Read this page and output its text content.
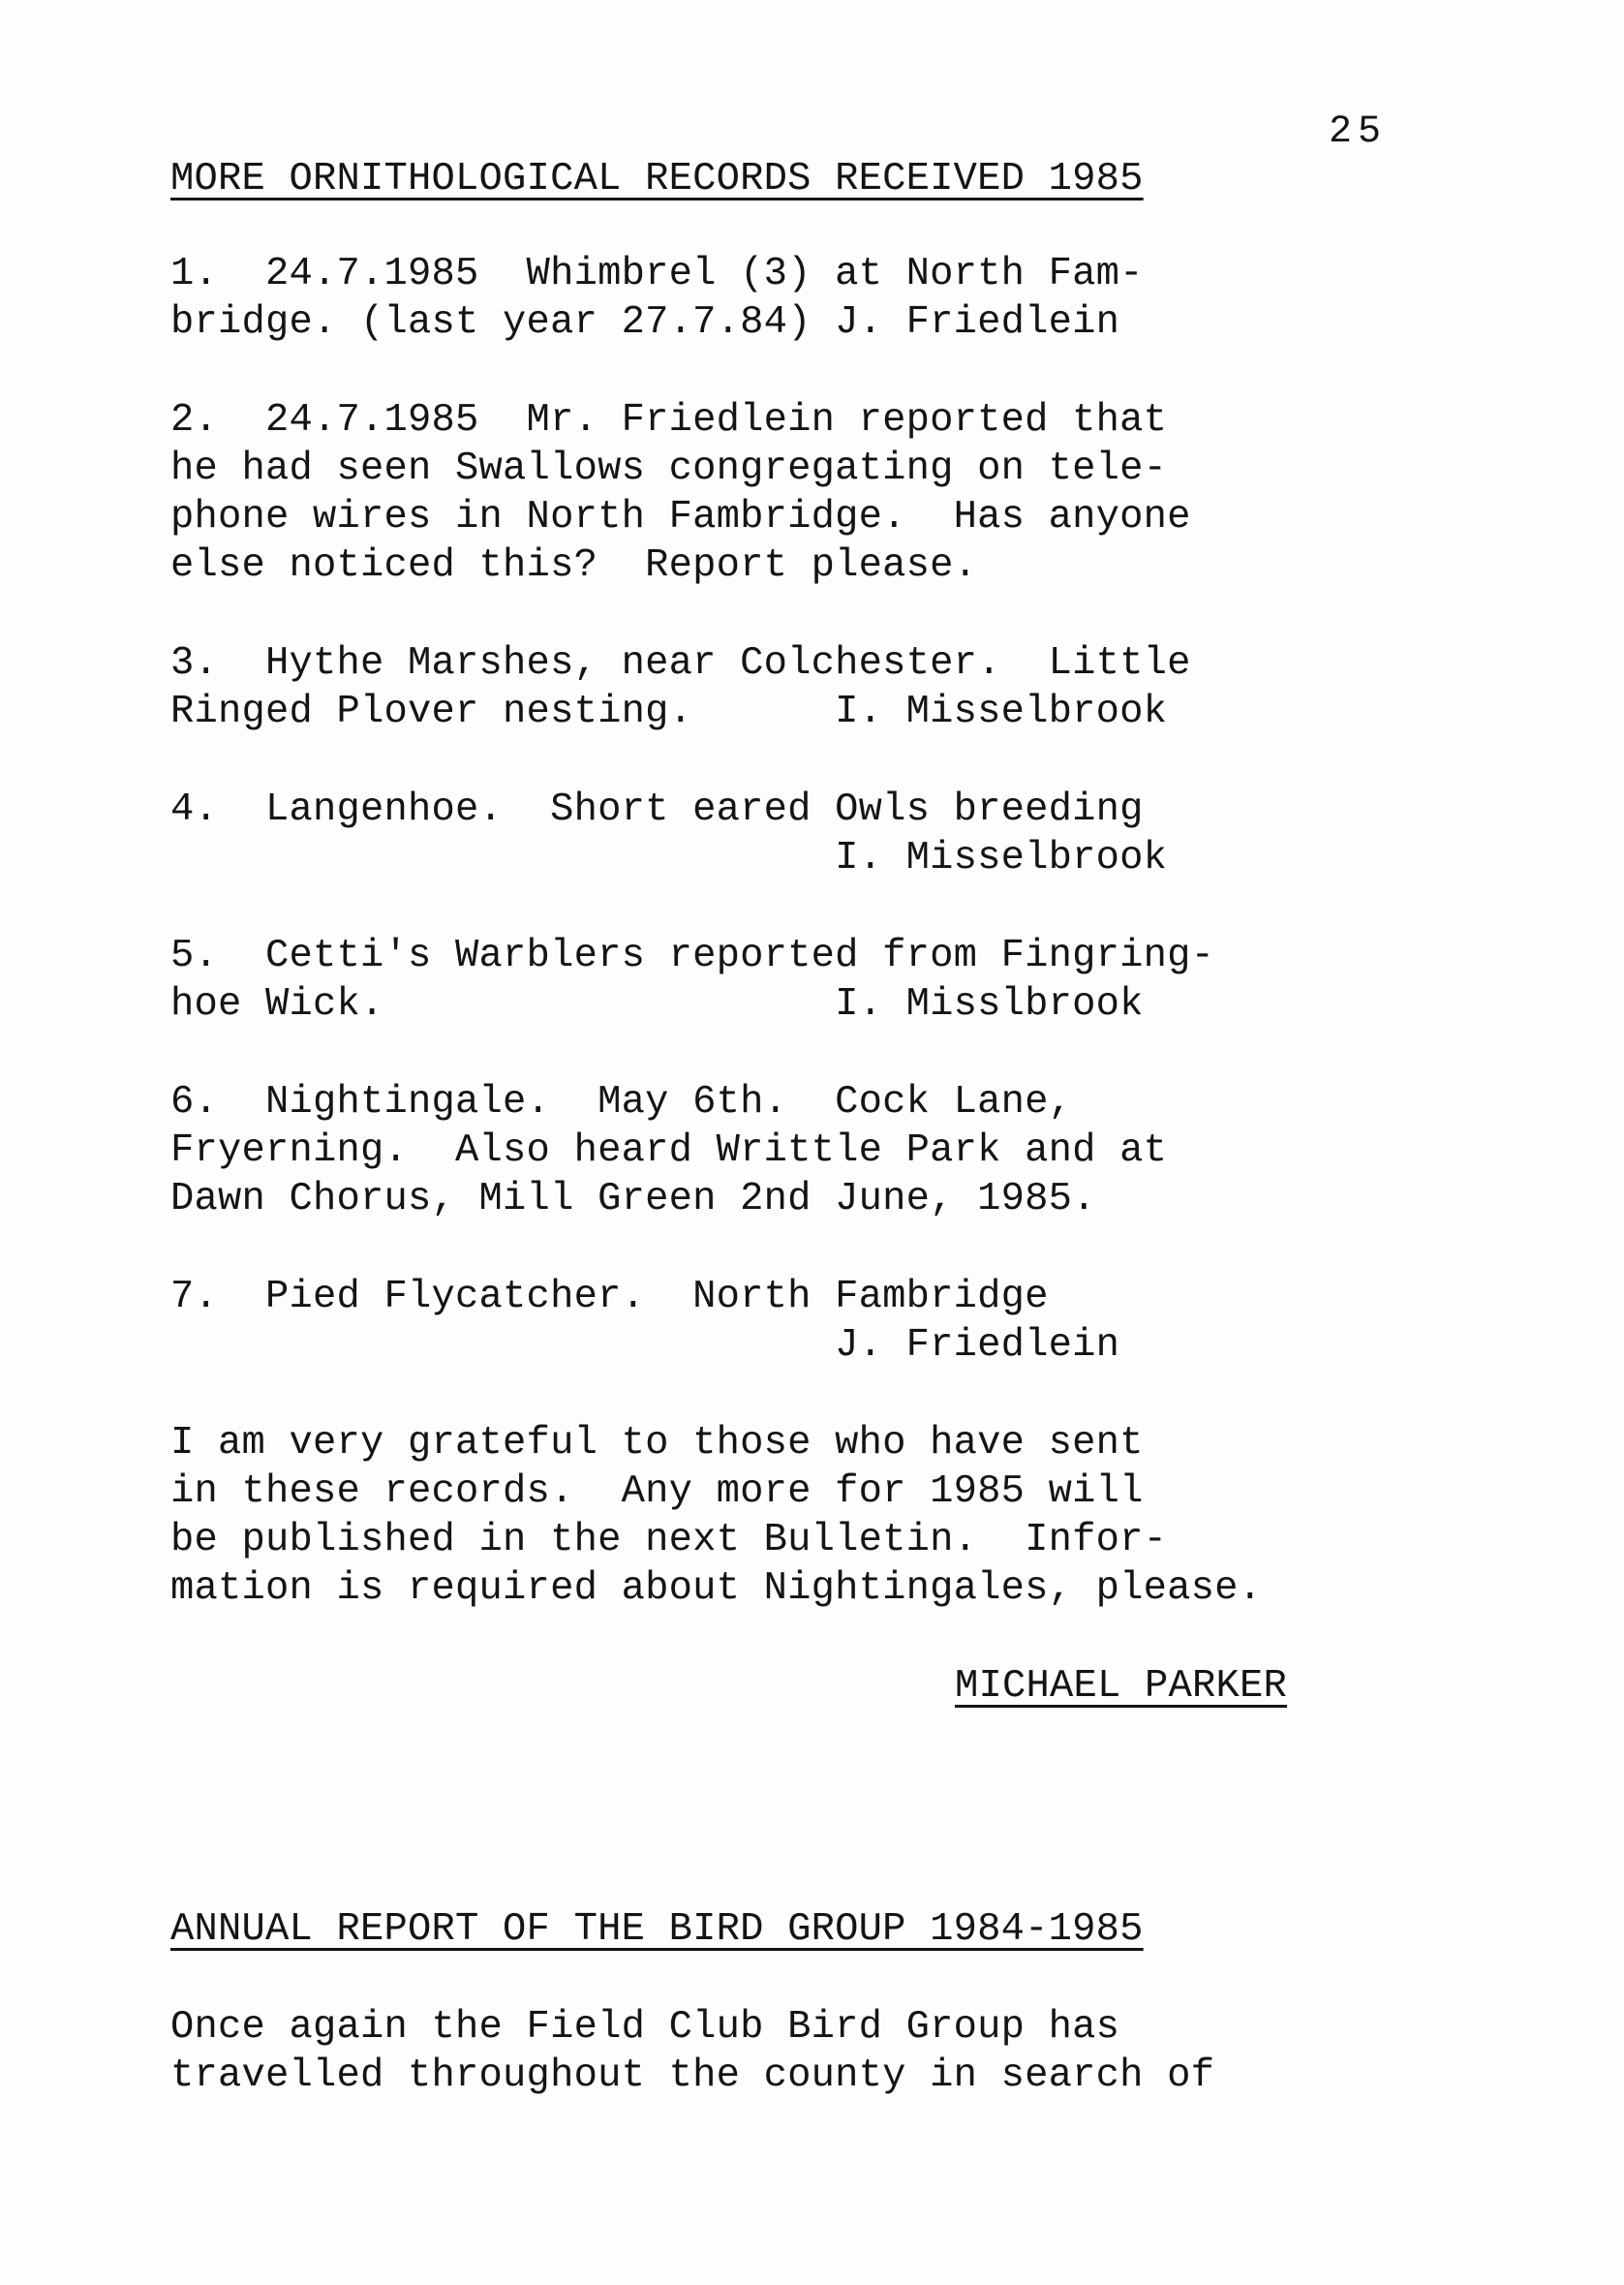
25
MORE ORNITHOLOGICAL RECORDS RECEIVED 1985
1.  24.7.1985  Whimbrel (3) at North Fam-
bridge. (last year 27.7.84) J. Friedlein
2.  24.7.1985  Mr. Friedlein reported that
he had seen Swallows congregating on tele-
phone wires in North Fambridge.  Has anyone
else noticed this?  Report please.
3.  Hythe Marshes, near Colchester.  Little
Ringed Plover nesting.      I. Misselbrook
4.  Langenhoe.  Short eared Owls breeding
I. Misselbrook
5.  Cetti's Warblers reported from Fingring-
hoe Wick.                   I. Misslbrook
6.  Nightingale.  May 6th.  Cock Lane,
Fryerning.  Also heard Writtle Park and at
Dawn Chorus, Mill Green 2nd June, 1985.
7.  Pied Flycatcher.  North Fambridge
J. Friedlein
I am very grateful to those who have sent
in these records.  Any more for 1985 will
be published in the next Bulletin.  Infor-
mation is required about Nightingales, please.
MICHAEL PARKER
ANNUAL REPORT OF THE BIRD GROUP 1984-1985
Once again the Field Club Bird Group has
travelled throughout the county in search of
